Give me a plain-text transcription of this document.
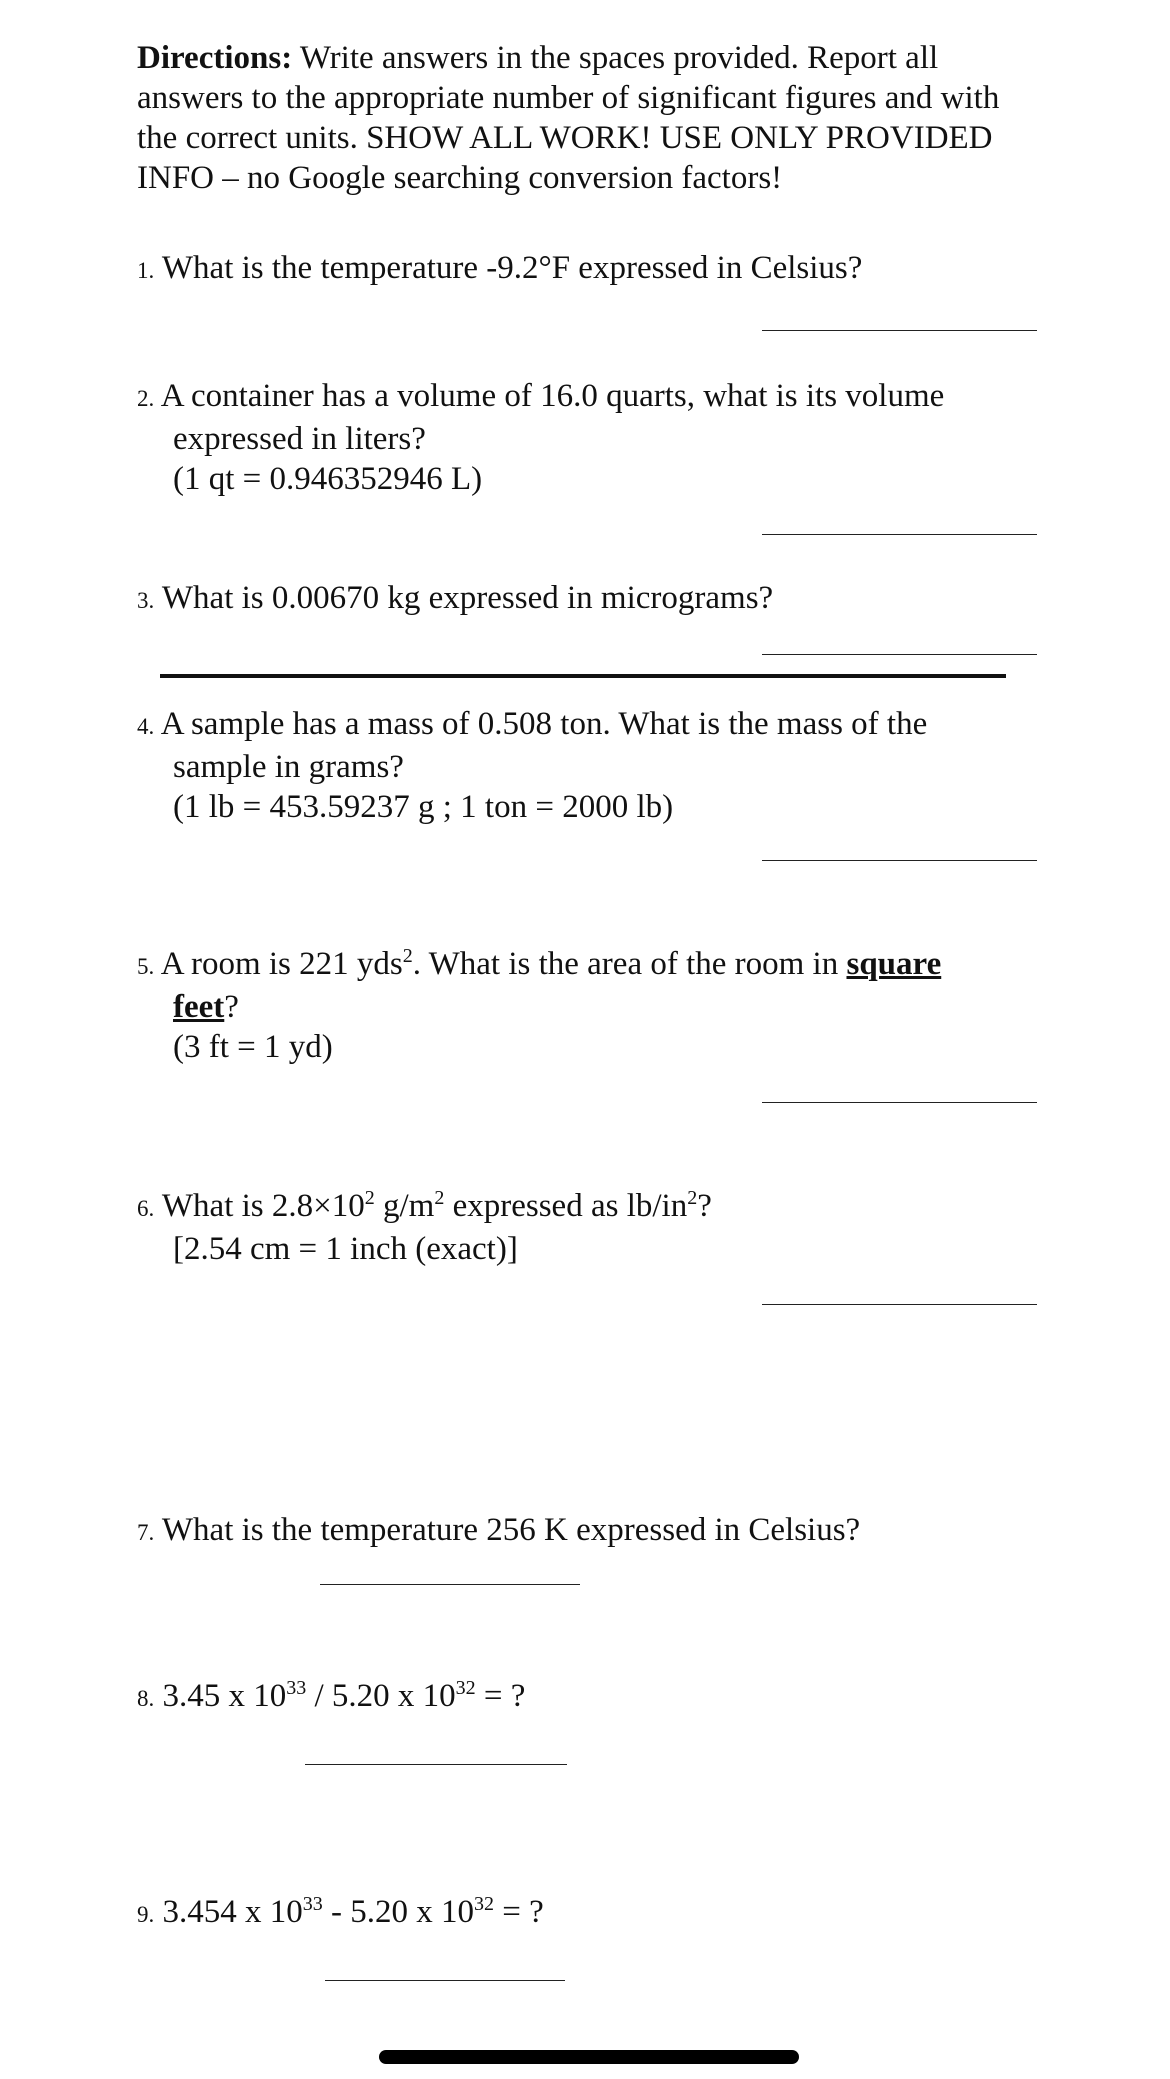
Directions: Write answers in the spaces provided. Report all answers to the appropriate number of significant figures and with the correct units. SHOW ALL WORK! USE ONLY PROVIDED INFO – no Google searching conversion factors!
1. What is the temperature -9.2°F expressed in Celsius?
2. A container has a volume of 16.0 quarts, what is its volume
expressed in liters?
(1 qt = 0.946352946 L)
3. What is 0.00670 kg expressed in micrograms?
4. A sample has a mass of 0.508 ton. What is the mass of the
sample in grams?
(1 lb = 453.59237 g ; 1 ton = 2000 lb)
5. A room is 221 yds$^2$. What is the area of the room in square
feet?
(3 ft = 1 yd)
6. What is $2.8\times 10^2$ $g/m^2$ expressed as $lb/in^2$?
[2.54 cm = 1 inch (exact)]
7. What is the temperature 256 K expressed in Celsius?
8. 3.45 x $10^{33} / 5.20$ x $10^{32}$ = ?
9. 3.454 x $10^{33} - 5.20$ x $10^{32}$ = ?
